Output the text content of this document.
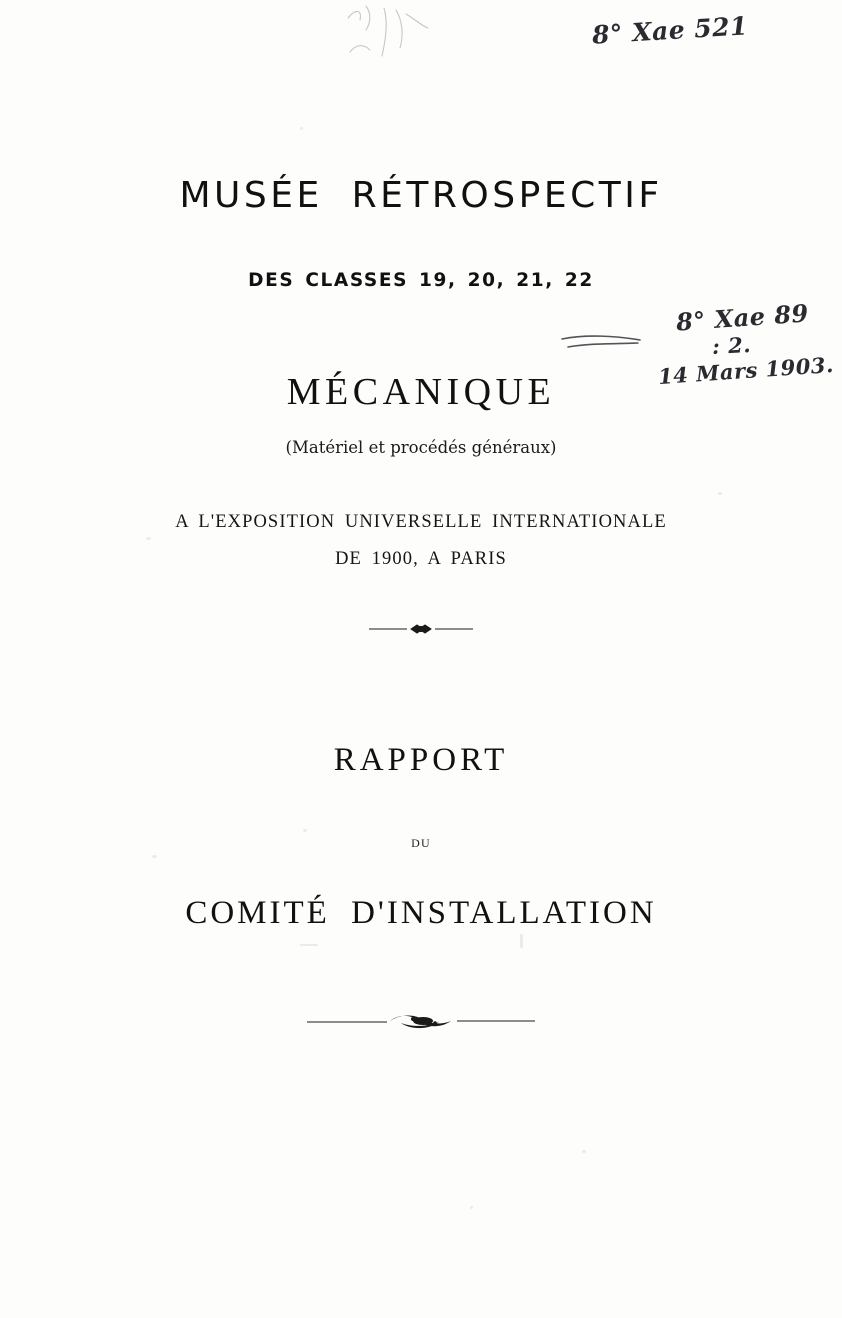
8° Xae 521
MUSÉE RÉTROSPECTIF
DES CLASSES 19, 20, 21, 22
8° Xae 89
: 2.
14 Mars 1903.
MÉCANIQUE
(Matériel et procédés généraux)
A L'EXPOSITION UNIVERSELLE INTERNATIONALE
DE 1900, A PARIS
RAPPORT
DU
COMITÉ D'INSTALLATION
